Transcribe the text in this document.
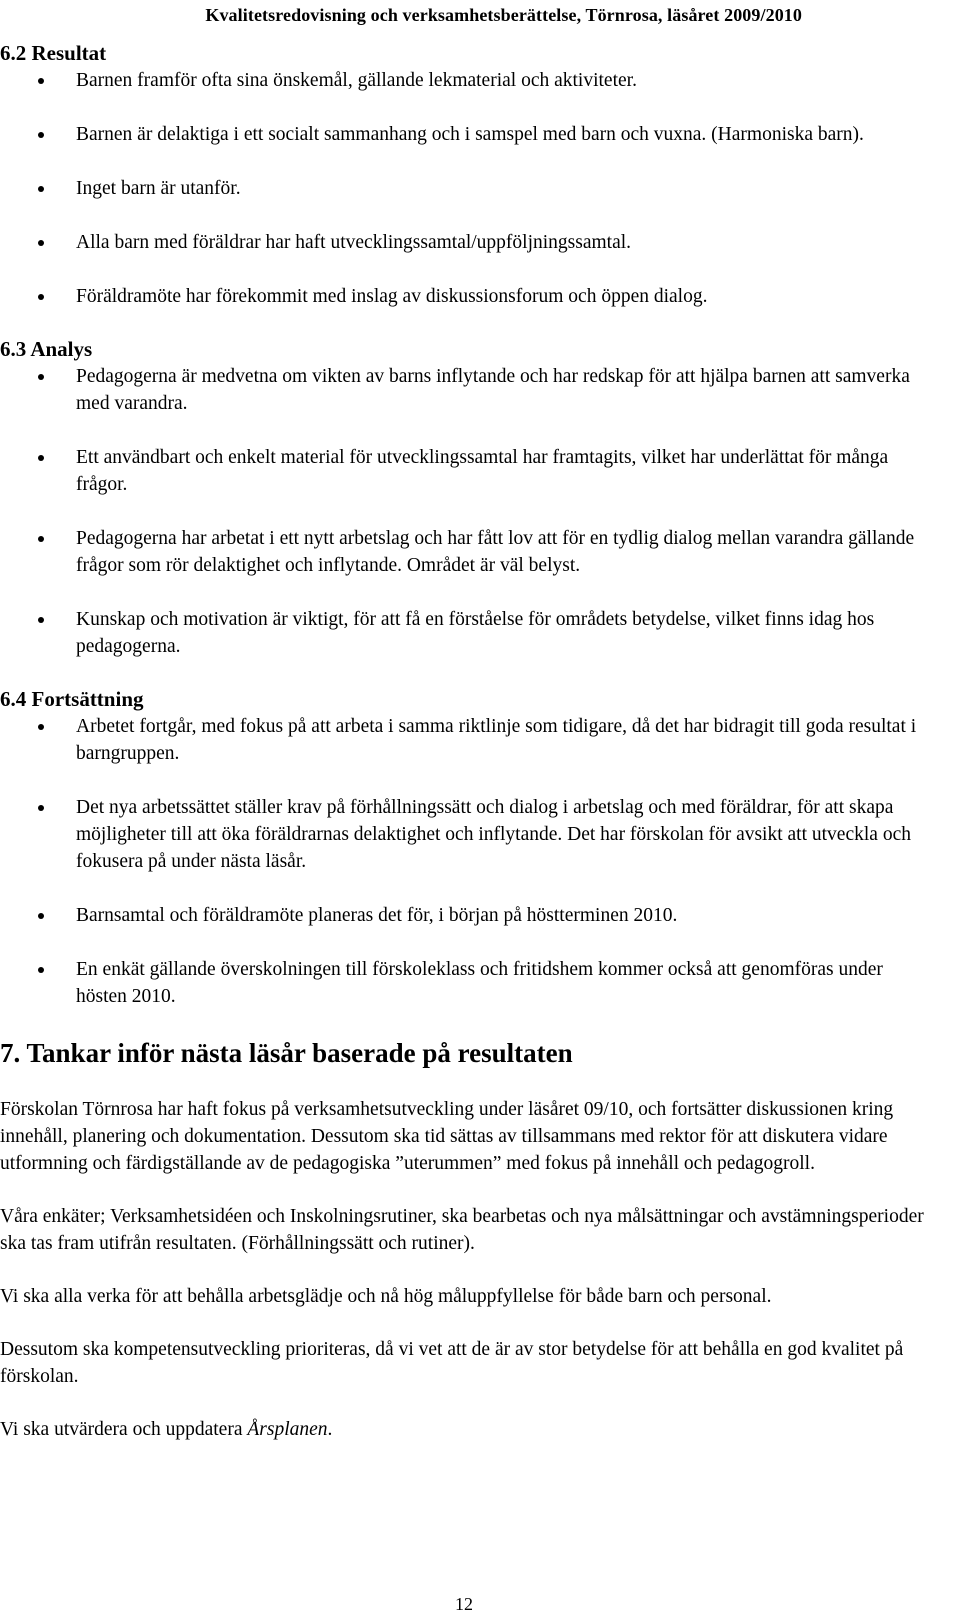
Kvalitetsredovisning och verksamhetsberättelse, Törnrosa, läsåret 2009/2010
6.2 Resultat
Barnen framför ofta sina önskemål, gällande lekmaterial och aktiviteter.
Barnen är delaktiga i ett socialt sammanhang och i samspel med barn och vuxna. (Harmoniska barn).
Inget barn är utanför.
Alla barn med föräldrar har haft utvecklingssamtal/uppföljningssamtal.
Föräldramöte har förekommit med inslag av diskussionsforum och öppen dialog.
6.3 Analys
Pedagogerna är medvetna om vikten av barns inflytande och har redskap för att hjälpa barnen att samverka med varandra.
Ett användbart och enkelt material för utvecklingssamtal har framtagits, vilket har underlättat för många frågor.
Pedagogerna har arbetat i ett nytt arbetslag och har fått lov att för en tydlig dialog mellan varandra gällande frågor som rör delaktighet och inflytande. Området är väl belyst.
Kunskap och motivation är viktigt, för att få en förståelse för områdets betydelse, vilket finns idag hos pedagogerna.
6.4 Fortsättning
Arbetet fortgår, med fokus på att arbeta i samma riktlinje som tidigare, då det har bidragit till goda resultat i barngruppen.
Det nya arbetssättet ställer krav på förhållningssätt och dialog i arbetslag och med föräldrar, för att skapa möjligheter till att öka föräldrarnas delaktighet och inflytande. Det har förskolan för avsikt att utveckla och fokusera på under nästa läsår.
Barnsamtal och föräldramöte planeras det för, i början på höstterminen 2010.
En enkät gällande överskolningen till förskoleklass och fritidshem kommer också att genomföras under hösten 2010.
7. Tankar inför nästa läsår baserade på resultaten

Förskolan Törnrosa har haft fokus på verksamhetsutveckling under läsåret 09/10, och fortsätter diskussionen kring innehåll, planering och dokumentation. Dessutom ska tid sättas av tillsammans med rektor för att diskutera vidare utformning och färdigställande av de pedagogiska ”uterummen” med fokus på innehåll och pedagogroll.

Våra enkäter; Verksamhetsidéen och Inskolningsrutiner, ska bearbetas och nya målsättningar och avstämningsperioder ska tas fram utifrån resultaten. (Förhållningssätt och rutiner).

Vi ska alla verka för att behålla arbetsglädje och nå hög måluppfyllelse för både barn och personal.

Dessutom ska kompetensutveckling prioriteras, då vi vet att de är av stor betydelse för att behålla en god kvalitet på förskolan.

Vi ska utvärdera och uppdatera Årsplanen.

12
